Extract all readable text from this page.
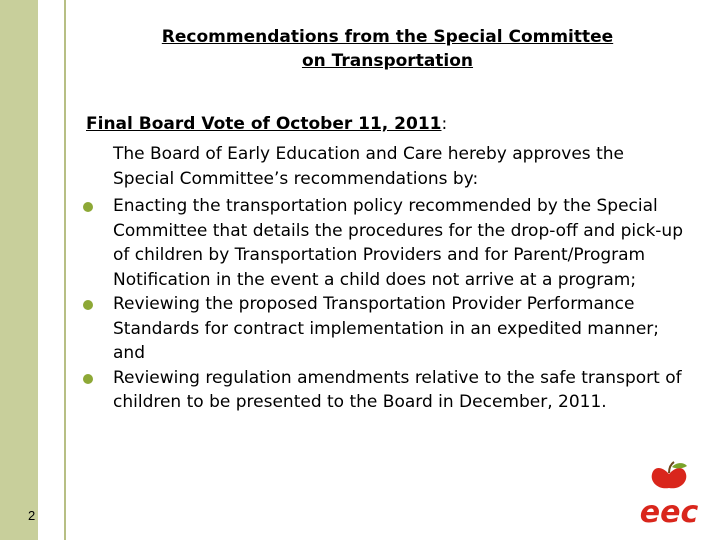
Recommendations from the Special Committee
on Transportation
Final Board Vote of October 11, 2011:
The Board of Early Education and Care hereby approves the Special Committee’s recommendations by:
Enacting the transportation policy recommended by the Special Committee that details the procedures for the drop-off and pick-up of children by Transportation Providers and for Parent/Program Notification in the event a child does not arrive at a program;
Reviewing the proposed Transportation Provider Performance Standards for contract implementation in an expedited manner; and
Reviewing regulation amendments relative to the safe transport of children to be presented to the Board in December, 2011.
2	eec
